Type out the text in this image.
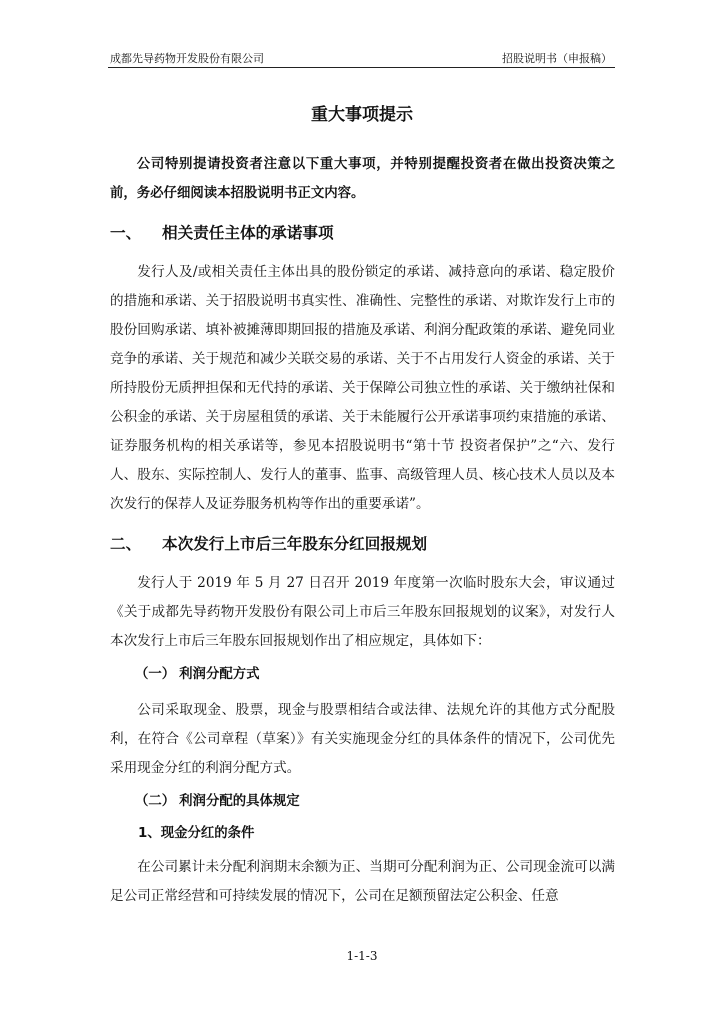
成都先导药物开发股份有限公司	招股说明书（申报稿）
重大事项提示

公司特别提请投资者注意以下重大事项，并特别提醒投资者在做出投资决策之前，务必仔细阅读本招股说明书正文内容。

一、	相关责任主体的承诺事项

发行人及/或相关责任主体出具的股份锁定的承诺、减持意向的承诺、稳定股价的措施和承诺、关于招股说明书真实性、准确性、完整性的承诺、对欺诈发行上市的股份回购承诺、填补被摊薄即期回报的措施及承诺、利润分配政策的承诺、避免同业竞争的承诺、关于规范和减少关联交易的承诺、关于不占用发行人资金的承诺、关于所持股份无质押担保和无代持的承诺、关于保障公司独立性的承诺、关于缴纳社保和公积金的承诺、关于房屋租赁的承诺、关于未能履行公开承诺事项约束措施的承诺、证券服务机构的相关承诺等，参见本招股说明书“第十节 投资者保护”之“六、发行人、股东、实际控制人、发行人的董事、监事、高级管理人员、核心技术人员以及本次发行的保荐人及证券服务机构等作出的重要承诺”。

二、	本次发行上市后三年股东分红回报规划

发行人于 2019 年 5 月 27 日召开 2019 年度第一次临时股东大会，审议通过《关于成都先导药物开发股份有限公司上市后三年股东回报规划的议案》，对发行人本次发行上市后三年股东回报规划作出了相应规定，具体如下：

（一） 利润分配方式

公司采取现金、股票，现金与股票相结合或法律、法规允许的其他方式分配股利，在符合《公司章程（草案）》有关实施现金分红的具体条件的情况下，公司优先采用现金分红的利润分配方式。

（二） 利润分配的具体规定
1、现金分红的条件

在公司累计未分配利润期末余额为正、当期可分配利润为正、公司现金流可以满足公司正常经营和可持续发展的情况下，公司在足额预留法定公积金、任意

1-1-3
